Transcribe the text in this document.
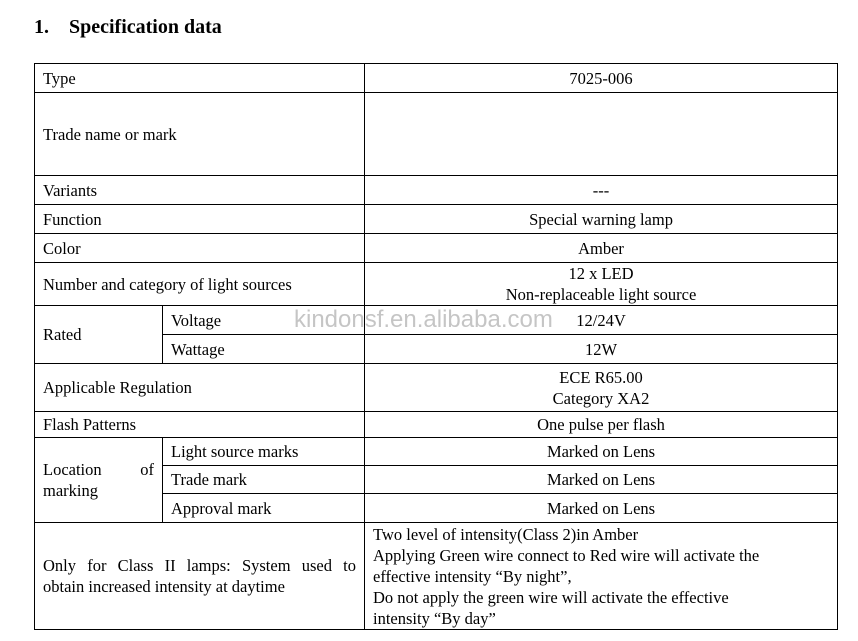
1. Specification data
Type		7025-006
Trade name or mark		
Variants		---
Function		Special warning lamp
Color		Amber
Number and category of light sources		12 x LED
Non-replaceable light source

Rated	Voltage	12/24V
	Wattage	12W
Applicable Regulation		ECE R65.00
Category XA2

Flash Patterns		One pulse per flash

Location of
marking	Light source marks	Marked on Lens
	Trade mark	Marked on Lens
	Approval mark	Marked on Lens

Only for Class II lamps: System used to
obtain increased intensity at daytime		Two level of intensity(Class 2)in Amber
Applying Green wire connect to Red wire will activate the
effective intensity “By night”,
Do not apply the green wire will activate the effective
intensity “By day”
kindonsf.en.alibaba.com
